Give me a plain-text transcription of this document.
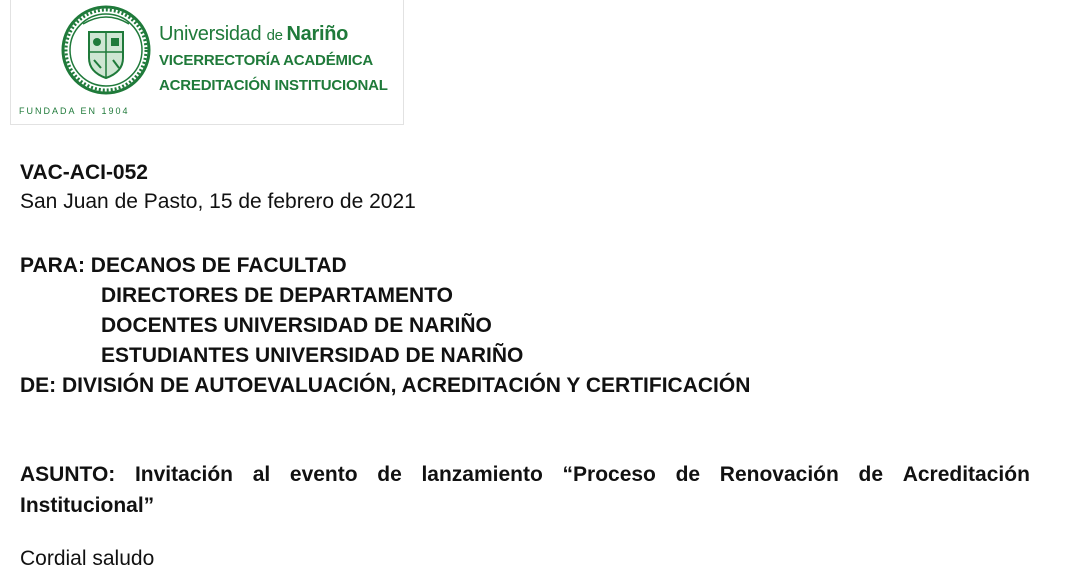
Universidad de Nariño
VICERRECTORÍA ACADÉMICA
ACREDITACIÓN INSTITUCIONAL
FUNDADA EN 1904
VAC-ACI-052
San Juan de Pasto, 15 de febrero de 2021
PARA: DECANOS DE FACULTAD
DIRECTORES DE DEPARTAMENTO
DOCENTES UNIVERSIDAD DE NARIÑO
ESTUDIANTES UNIVERSIDAD DE NARIÑO
DE: DIVISIÓN DE AUTOEVALUACIÓN, ACREDITACIÓN Y CERTIFICACIÓN
ASUNTO: Invitación al evento de lanzamiento “Proceso de Renovación de Acreditación
Institucional”
Cordial saludo
